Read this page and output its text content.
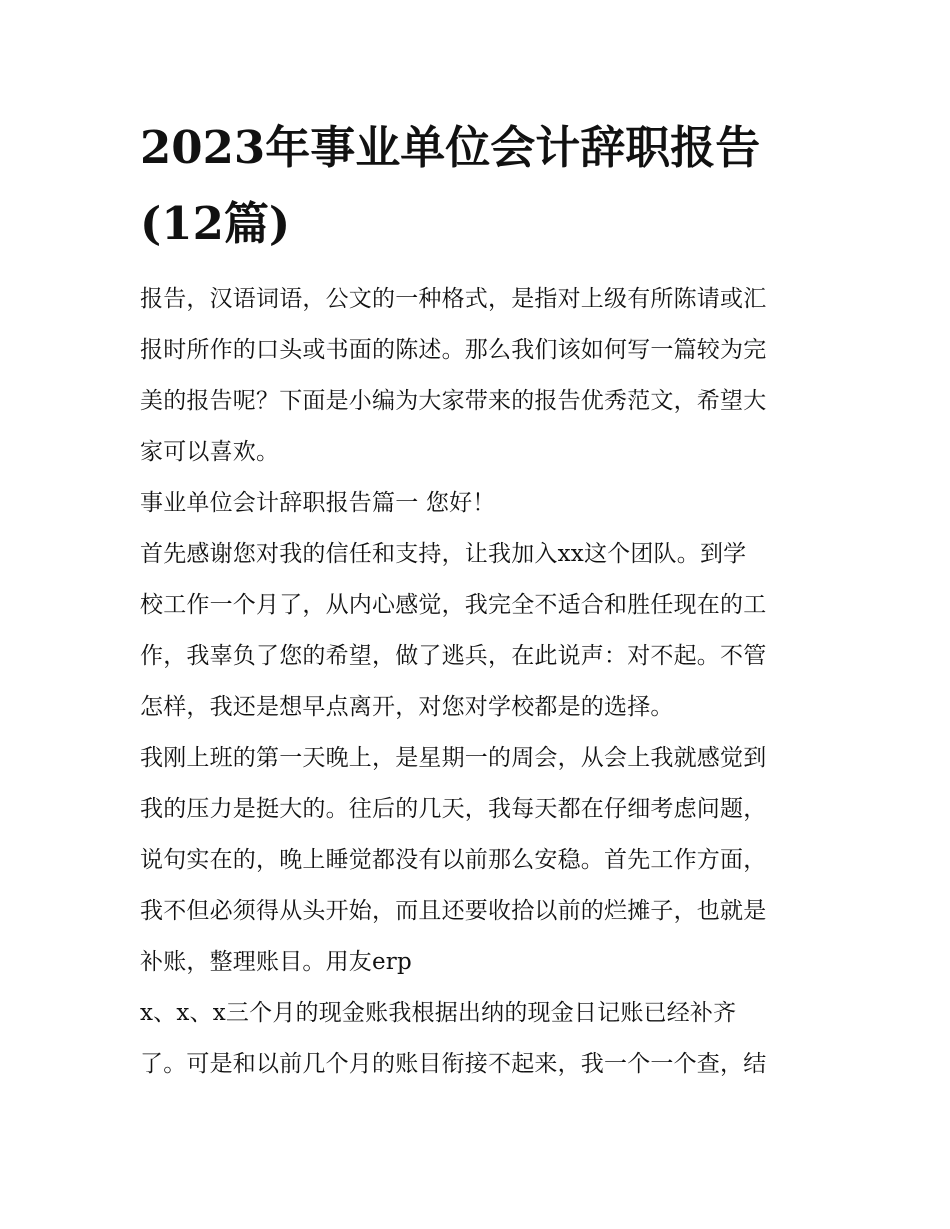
2023年事业单位会计辞职报告
(12篇)
报告，汉语词语，公文的一种格式，是指对上级有所陈请或汇
报时所作的口头或书面的陈述。那么我们该如何写一篇较为完
美的报告呢？下面是小编为大家带来的报告优秀范文，希望大
家可以喜欢。
事业单位会计辞职报告篇一 您好！
首先感谢您对我的信任和支持，让我加入xx这个团队。到学
校工作一个月了，从内心感觉，我完全不适合和胜任现在的工
作，我辜负了您的希望，做了逃兵，在此说声：对不起。不管
怎样，我还是想早点离开，对您对学校都是的选择。
我刚上班的第一天晚上，是星期一的周会，从会上我就感觉到
我的压力是挺大的。往后的几天，我每天都在仔细考虑问题，
说句实在的，晚上睡觉都没有以前那么安稳。首先工作方面，
我不但必须得从头开始，而且还要收拾以前的烂摊子，也就是
补账，整理账目。用友erp
x、x、x三个月的现金账我根据出纳的现金日记账已经补齐
了。可是和以前几个月的账目衔接不起来，我一个一个查，结
